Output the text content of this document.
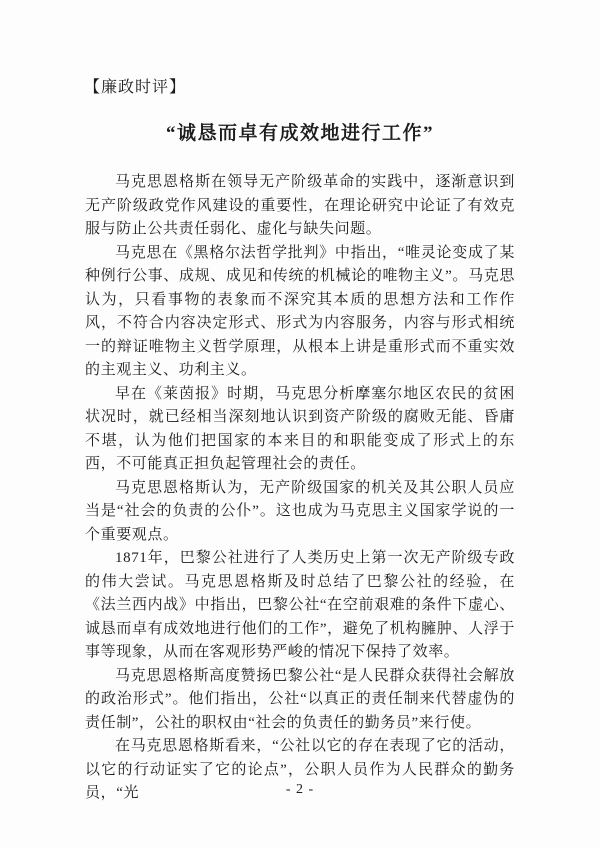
【廉政时评】
“诚恳而卓有成效地进行工作”

马克思恩格斯在领导无产阶级革命的实践中，逐渐意识到无产阶级政党作风建设的重要性，在理论研究中论证了有效克服与防止公共责任弱化、虚化与缺失问题。

马克思在《黑格尔法哲学批判》中指出，“唯灵论变成了某种例行公事、成规、成见和传统的机械论的唯物主义”。马克思认为，只看事物的表象而不深究其本质的思想方法和工作作风，不符合内容决定形式、形式为内容服务，内容与形式相统一的辩证唯物主义哲学原理，从根本上讲是重形式而不重实效的主观主义、功利主义。

早在《莱茵报》时期，马克思分析摩塞尔地区农民的贫困状况时，就已经相当深刻地认识到资产阶级的腐败无能、昏庸不堪，认为他们把国家的本来目的和职能变成了形式上的东西，不可能真正担负起管理社会的责任。

马克思恩格斯认为，无产阶级国家的机关及其公职人员应当是“社会的负责的公仆”。这也成为马克思主义国家学说的一个重要观点。

1871年，巴黎公社进行了人类历史上第一次无产阶级专政的伟大尝试。马克思恩格斯及时总结了巴黎公社的经验，在《法兰西内战》中指出，巴黎公社“在空前艰难的条件下虚心、诚恳而卓有成效地进行他们的工作”，避免了机构臃肿、人浮于事等现象，从而在客观形势严峻的情况下保持了效率。

马克思恩格斯高度赞扬巴黎公社“是人民群众获得社会解放的政治形式”。他们指出，公社“以真正的责任制来代替虚伪的责任制”，公社的职权由“社会的负责任的勤务员”来行使。

在马克思恩格斯看来，“公社以它的存在表现了它的活动，以它的行动证实了它的论点”，公职人员作为人民群众的勤务员，“光	- 2 -
